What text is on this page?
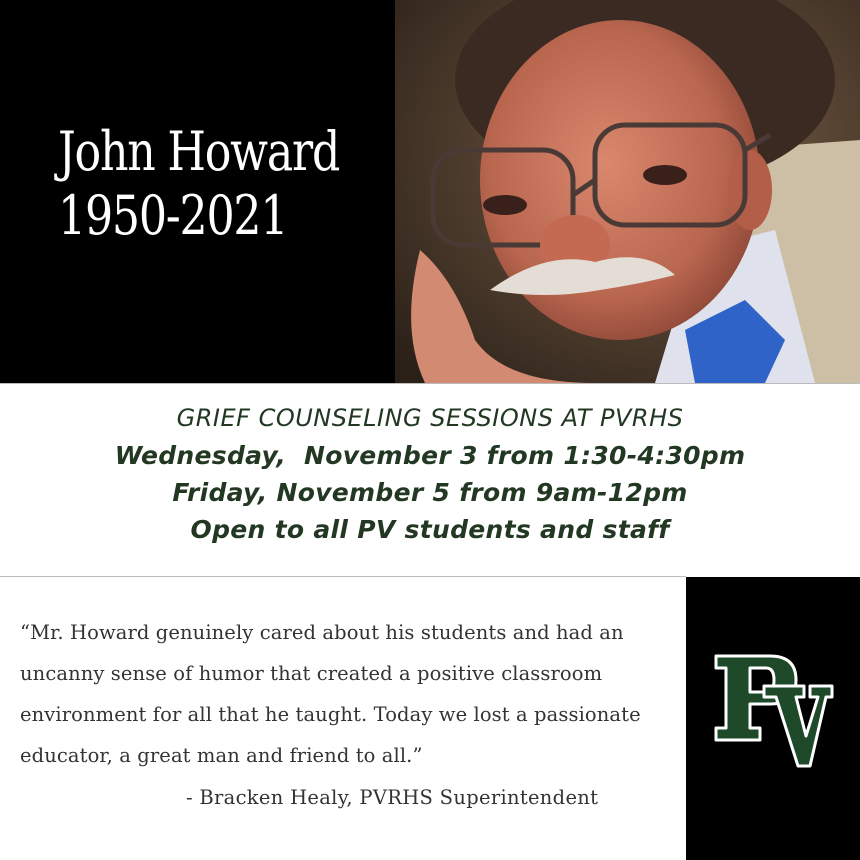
John Howard
1950-2021
GRIEF COUNSELING SESSIONS AT PVRHS
Wednesday,  November 3 from 1:30-4:30pm
Friday, November 5 from 9am-12pm
Open to all PV students and staff
“Mr. Howard genuinely cared about his students and had an uncanny sense of humor that created a positive classroom environment for all that he taught. Today we lost a passionate educator, a great man and friend to all.”
- Bracken Healy, PVRHS Superintendent
